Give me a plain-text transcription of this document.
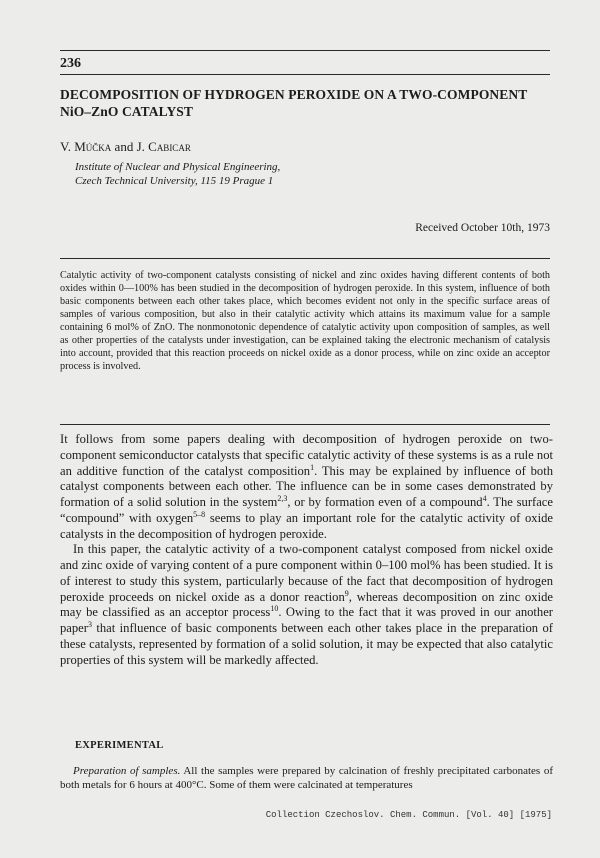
236
DECOMPOSITION OF HYDROGEN PEROXIDE ON A TWO-COMPONENT
NiO–ZnO CATALYST
V. Múčka and J. Cabicar
Institute of Nuclear and Physical Engineering,
Czech Technical University, 115 19 Prague 1
Received October 10th, 1973
Catalytic activity of two-component catalysts consisting of nickel and zinc oxides having different contents of both oxides within 0—100% has been studied in the decomposition of hydrogen peroxide. In this system, influence of both basic components between each other takes place, which becomes evident not only in the specific surface areas of samples of various composition, but also in their catalytic activity which attains its maximum value for a sample containing 6 mol% of ZnO. The nonmonotonic dependence of catalytic activity upon composition of samples, as well as other properties of the catalysts under investigation, can be explained taking the electronic mechanism of catalysis into account, provided that this reaction proceeds on nickel oxide as a donor process, while on zinc oxide an acceptor process is involved.

It follows from some papers dealing with decomposition of hydrogen peroxide on two-component semiconductor catalysts that specific catalytic activity of these systems is as a rule not an additive function of the catalyst composition$^1$. This may be explained by influence of both catalyst components between each other. The influence can be in some cases demonstrated by formation of a solid solution in the system$^{2,3}$, or by formation even of a compound$^4$. The surface “compound” with oxygen$^{5-8}$ seems to play an important role for the catalytic activity of oxide catalysts in the decomposition of hydrogen peroxide.

In this paper, the catalytic activity of a two-component catalyst composed from nickel oxide and zinc oxide of varying content of a pure component within 0–100 mol% has been studied. It is of interest to study this system, particularly because of the fact that decomposition of hydrogen peroxide proceeds on nickel oxide as a donor reaction$^9$, whereas decomposition on zinc oxide may be classified as an acceptor process$^{10}$. Owing to the fact that it was proved in our another paper$^3$ that influence of basic components between each other takes place in the preparation of these catalysts, represented by formation of a solid solution, it may be expected that also catalytic properties of this system will be markedly affected.

EXPERIMENTAL
Preparation of samples. All the samples were prepared by calcination of freshly precipitated carbonates of both metals for 6 hours at 400°C. Some of them were calcinated at temperatures
Collection Czechoslov. Chem. Commun. [Vol. 40] [1975]
